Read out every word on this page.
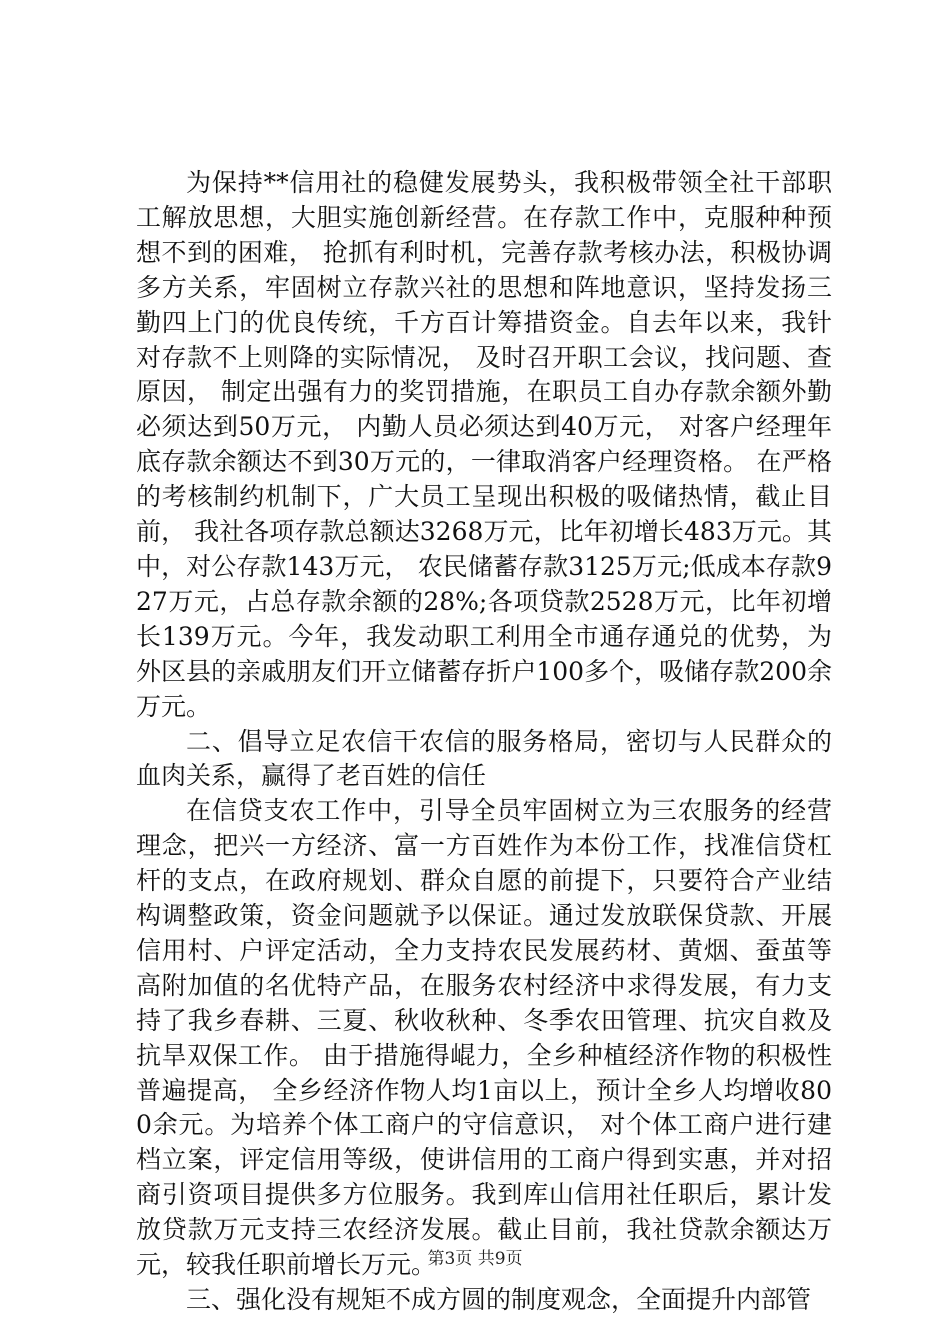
为保持**信用社的稳健发展势头，我积极带领全社干部职工解放思想，大胆实施创新经营。在存款工作中，克服种种预想不到的困难， 抢抓有利时机，完善存款考核办法，积极协调多方关系，牢固树立存款兴社的思想和阵地意识，坚持发扬三勤四上门的优良传统，千方百计筹措资金。自去年以来，我针对存款不上则降的实际情况， 及时召开职工会议，找问题、查原因， 制定出强有力的奖罚措施，在职员工自办存款余额外勤必须达到50万元， 内勤人员必须达到40万元， 对客户经理年底存款余额达不到30万元的，一律取消客户经理资格。 在严格的考核制约机制下，广大员工呈现出积极的吸储热情，截止目前， 我社各项存款总额达3268万元，比年初增长483万元。其中，对公存款143万元， 农民储蓄存款3125万元;低成本存款927万元，占总存款余额的28%;各项贷款2528万元，比年初增长139万元。今年，我发动职工利用全市通存通兑的优势，为外区县的亲戚朋友们开立储蓄存折户100多个，吸储存款200余万元。

二、倡导立足农信干农信的服务格局，密切与人民群众的血肉关系，赢得了老百姓的信任

在信贷支农工作中，引导全员牢固树立为三农服务的经营理念，把兴一方经济、富一方百姓作为本份工作，找准信贷杠杆的支点，在政府规划、群众自愿的前提下，只要符合产业结构调整政策，资金问题就予以保证。通过发放联保贷款、开展信用村、户评定活动，全力支持农民发展药材、黄烟、蚕茧等高附加值的名优特产品，在服务农村经济中求得发展，有力支持了我乡春耕、三夏、秋收秋种、冬季农田管理、抗灾自救及抗旱双保工作。 由于措施得崐力，全乡种植经济作物的积极性普遍提高， 全乡经济作物人均1亩以上，预计全乡人均增收800余元。为培养个体工商户的守信意识， 对个体工商户进行建档立案，评定信用等级，使讲信用的工商户得到实惠，并对招商引资项目提供多方位服务。我到库山信用社任职后，累计发放贷款万元支持三农经济发展。截止目前，我社贷款余额达万元，较我任职前增长万元。

三、强化没有规矩不成方圆的制度观念，全面提升内部管

第3页 共9页
